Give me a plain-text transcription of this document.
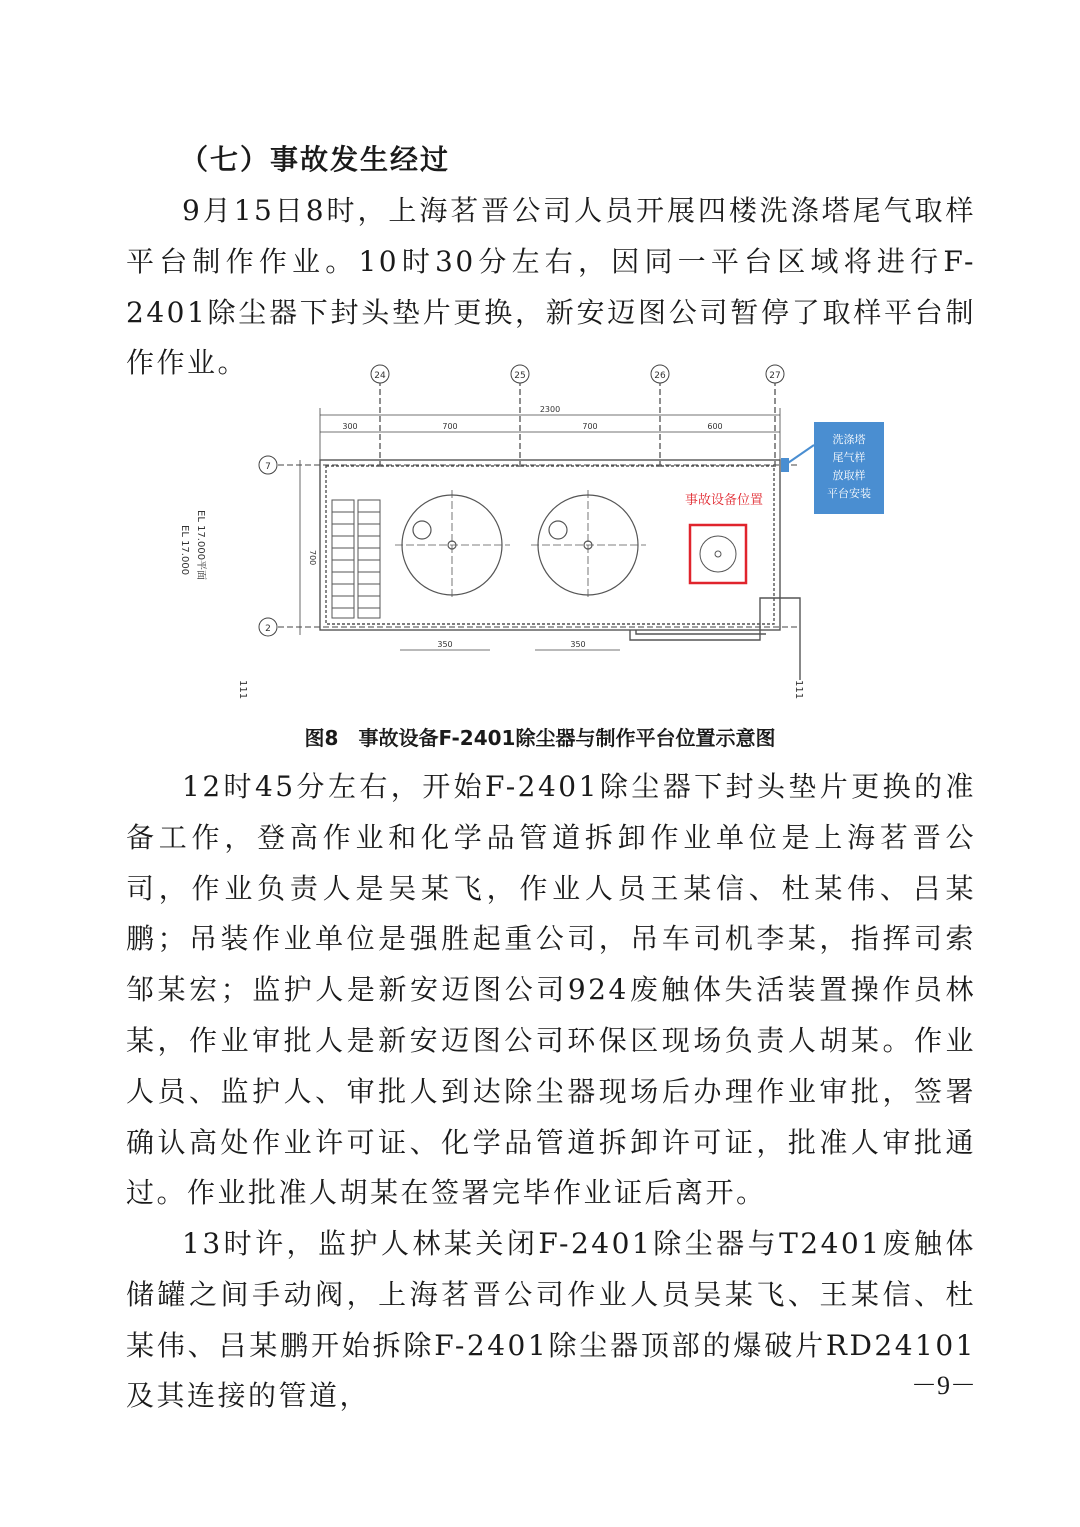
（七）事故发生经过
9月15日8时，上海茗晋公司人员开展四楼洗涤塔尾气取样平台制作作业。10时30分左右，因同一平台区域将进行F-2401除尘器下封头垫片更换，新安迈图公司暂停了取样平台制作作业。	24	25	26	27
2300
300	700	700	600
7
2
700
EL 17.000平面
EL 17.000
事故设备位置
洗涤塔
尾气样
放取样
平台安装
350	350
111	111
图8　事故设备F-2401除尘器与制作平台位置示意图
12时45分左右，开始F-2401除尘器下封头垫片更换的准备工作，登高作业和化学品管道拆卸作业单位是上海茗晋公司，作业负责人是吴某飞，作业人员王某信、杜某伟、吕某鹏；吊装作业单位是强胜起重公司，吊车司机李某，指挥司索邹某宏；监护人是新安迈图公司924废触体失活装置操作员林某，作业审批人是新安迈图公司环保区现场负责人胡某。作业人员、监护人、审批人到达除尘器现场后办理作业审批，签署确认高处作业许可证、化学品管道拆卸许可证，批准人审批通过。作业批准人胡某在签署完毕作业证后离开。
13时许，监护人林某关闭F-2401除尘器与T2401废触体储罐之间手动阀，上海茗晋公司作业人员吴某飞、王某信、杜某伟、吕某鹏开始拆除F-2401除尘器顶部的爆破片RD24101及其连接的管道，	－9－
